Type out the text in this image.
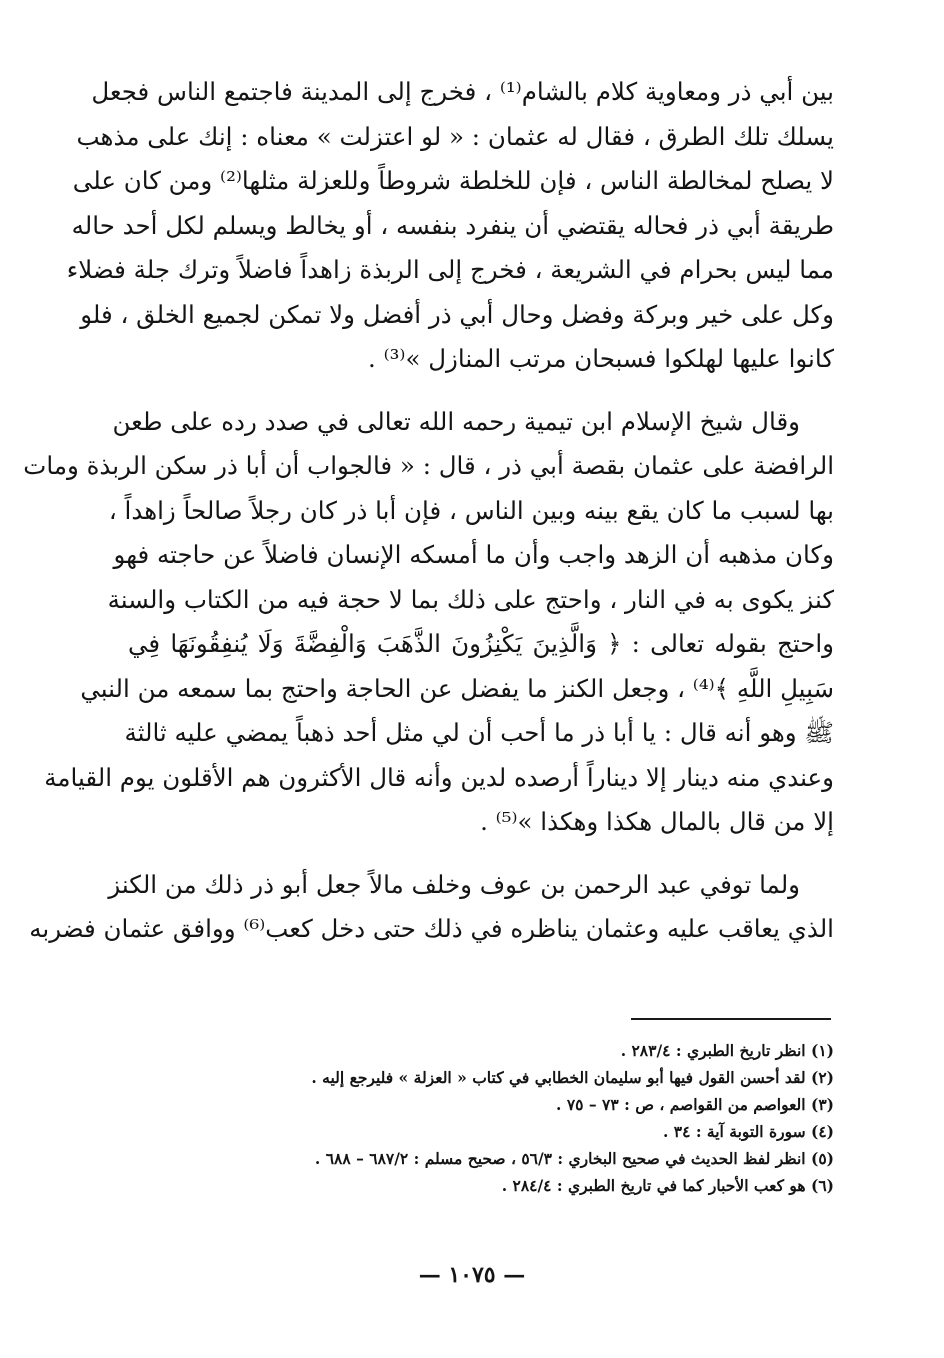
بين أبي ذر ومعاوية كلام بالشام⁽¹⁾ ، فخرج إلى المدينة فاجتمع الناس فجعل
يسلك تلك الطرق ، فقال له عثمان : « لو اعتزلت » معناه : إنك على مذهب
لا يصلح لمخالطة الناس ، فإن للخلطة شروطاً وللعزلة مثلها⁽²⁾ ومن كان على
طريقة أبي ذر فحاله يقتضي أن ينفرد بنفسه ، أو يخالط ويسلم لكل أحد حاله
مما ليس بحرام في الشريعة ، فخرج إلى الربذة زاهداً فاضلاً وترك جلة فضلاء
وكل على خير وبركة وفضل وحال أبي ذر أفضل ولا تمكن لجميع الخلق ، فلو
كانوا عليها لهلكوا فسبحان مرتب المنازل »⁽³⁾ .
وقال شيخ الإسلام ابن تيمية رحمه الله تعالى في صدد رده على طعن
الرافضة على عثمان بقصة أبي ذر ، قال : « فالجواب أن أبا ذر سكن الربذة ومات
بها لسبب ما كان يقع بينه وبين الناس ، فإن أبا ذر كان رجلاً صالحاً زاهداً ،
وكان مذهبه أن الزهد واجب وأن ما أمسكه الإنسان فاضلاً عن حاجته فهو
كنز يكوى به في النار ، واحتج على ذلك بما لا حجة فيه من الكتاب والسنة
واحتج بقوله تعالى : ﴿ وَالَّذِينَ يَكْنِزُونَ الذَّهَبَ وَالْفِضَّةَ وَلَا يُنفِقُونَهَا فِي
سَبِيلِ اللَّهِ ﴾⁽⁴⁾ ، وجعل الكنز ما يفضل عن الحاجة واحتج بما سمعه من النبي
ﷺ وهو أنه قال : يا أبا ذر ما أحب أن لي مثل أحد ذهباً يمضي عليه ثالثة
وعندي منه دينار إلا ديناراً أرصده لدين وأنه قال الأكثرون هم الأقلون يوم القيامة
إلا من قال بالمال هكذا وهكذا »⁽⁵⁾ .
ولما توفي عبد الرحمن بن عوف وخلف مالاً جعل أبو ذر ذلك من الكنز
الذي يعاقب عليه وعثمان يناظره في ذلك حتى دخل كعب⁽⁶⁾ ووافق عثمان فضربه
(١) انظر تاريخ الطبري : ٢٨٣/٤ .
(٢) لقد أحسن القول فيها أبو سليمان الخطابي في كتاب « العزلة » فليرجع إليه .
(٣) العواصم من القواصم ، ص : ٧٣ – ٧٥ .
(٤) سورة التوبة آية : ٣٤ .
(٥) انظر لفظ الحديث في صحيح البخاري : ٥٦/٣ ، صحيح مسلم : ٦٨٧/٢ – ٦٨٨ .
(٦) هو كعب الأحبار كما في تاريخ الطبري : ٢٨٤/٤ .
— ١٠٧٥ —
